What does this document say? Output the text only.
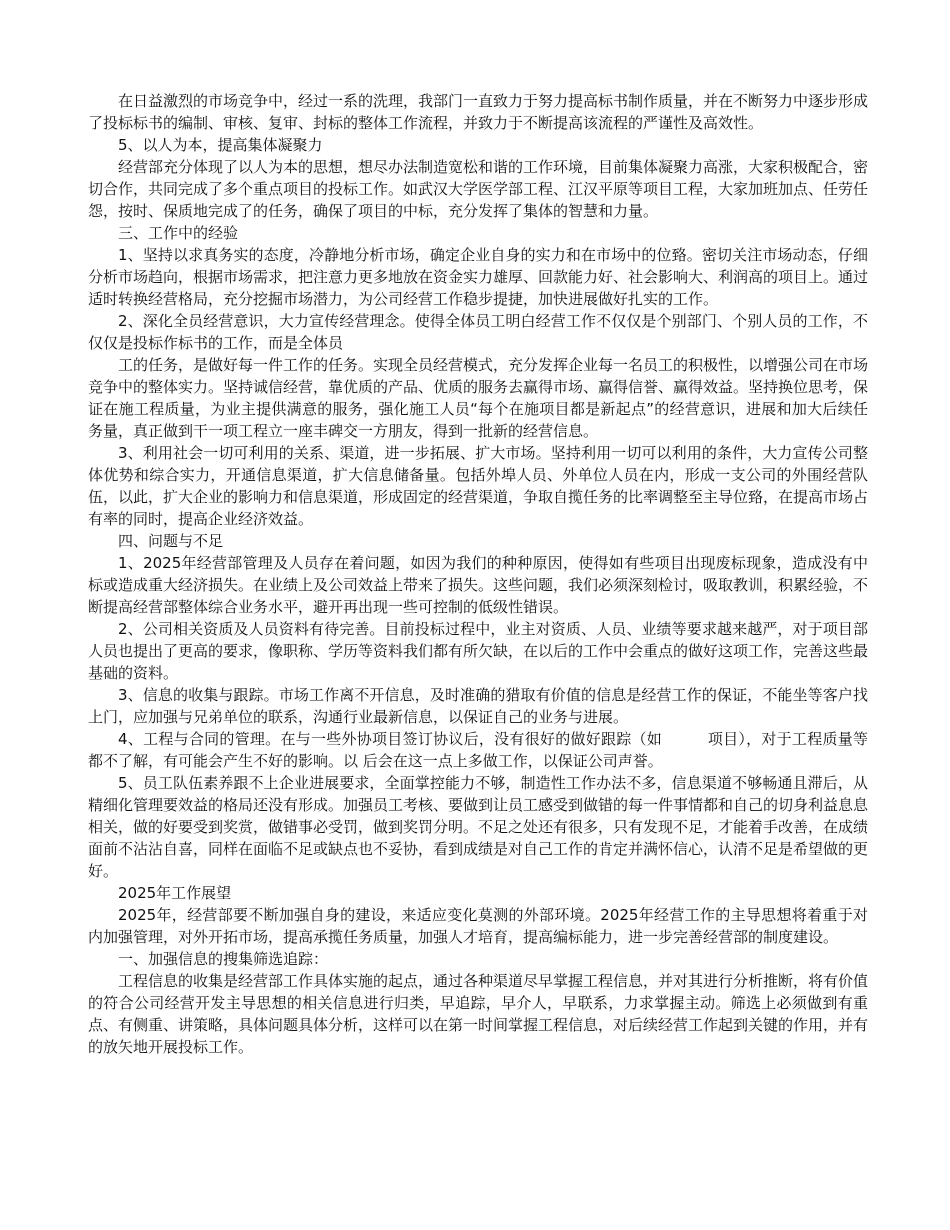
在日益激烈的市场竞争中，经过一系的洗理，我部门一直致力于努力提高标书制作质量，并在不断努力中逐步形成了投标标书的编制、审核、复审、封标的整体工作流程，并致力于不断提高该流程的严谨性及高效性。

5、以人为本，提高集体凝聚力

经营部充分体现了以人为本的思想，想尽办法制造宽松和谐的工作环境，目前集体凝聚力高涨，大家积极配合，密切合作，共同完成了多个重点项目的投标工作。如武汉大学医学部工程、江汉平原等项目工程，大家加班加点、任劳任怨，按时、保质地完成了的任务，确保了项目的中标，充分发挥了集体的智慧和力量。

三、工作中的经验

1、坚持以求真务实的态度，冷静地分析市场，确定企业自身的实力和在市场中的位臵。密切关注市场动态，仔细分析市场趋向，根据市场需求，把注意力更多地放在资金实力雄厚、回款能力好、社会影响大、利润高的项目上。通过适时转换经营格局，充分挖掘市场潜力，为公司经营工作稳步提捷，加快进展做好扎实的工作。

2、深化全员经营意识，大力宣传经营理念。使得全体员工明白经营工作不仅仅是个别部门、个别人员的工作，不仅仅是投标作标书的工作，而是全体员

工的任务，是做好每一件工作的任务。实现全员经营模式，充分发挥企业每一名员工的积极性，以增强公司在市场竞争中的整体实力。坚持诚信经营，靠优质的产品、优质的服务去赢得市场、赢得信誉、赢得效益。坚持换位思考，保证在施工程质量，为业主提供满意的服务，强化施工人员“每个在施项目都是新起点”的经营意识，进展和加大后续任务量，真正做到干一项工程立一座丰碑交一方朋友，得到一批新的经营信息。

3、利用社会一切可利用的关系、渠道，进一步拓展、扩大市场。坚持利用一切可以利用的条件，大力宣传公司整体优势和综合实力，开通信息渠道，扩大信息储备量。包括外埠人员、外单位人员在内，形成一支公司的外围经营队伍，以此，扩大企业的影响力和信息渠道，形成固定的经营渠道，争取自揽任务的比率调整至主导位臵，在提高市场占有率的同时，提高企业经济效益。

四、问题与不足

1、2025年经营部管理及人员存在着问题，如因为我们的种种原因，使得如有些项目出现废标现象，造成没有中标或造成重大经济损失。在业绩上及公司效益上带来了损失。这些问题，我们必须深刻检讨，吸取教训，积累经验，不断提高经营部整体综合业务水平，避开再出现一些可控制的低级性错误。

2、公司相关资质及人员资料有待完善。目前投标过程中，业主对资质、人员、业绩等要求越来越严，对于项目部人员也提出了更高的要求，像职称、学历等资料我们都有所欠缺，在以后的工作中会重点的做好这项工作，完善这些最基础的资料。

3、信息的收集与跟踪。市场工作离不开信息，及时准确的猎取有价值的信息是经营工作的保证，不能坐等客户找上门，应加强与兄弟单位的联系，沟通行业最新信息，以保证自己的业务与进展。

4、工程与合同的管理。在与一些外协项目签订协议后，没有很好的做好跟踪（如　　　项目），对于工程质量等都不了解，有可能会产生不好的影响。以 后会在这一点上多做工作，以保证公司声誉。

5、员工队伍素养跟不上企业进展要求，全面掌控能力不够，制造性工作办法不多，信息渠道不够畅通且滞后，从精细化管理要效益的格局还没有形成。加强员工考核、要做到让员工感受到做错的每一件事情都和自己的切身利益息息相关，做的好要受到奖赏，做错事必受罚，做到奖罚分明。不足之处还有很多，只有发现不足，才能着手改善，在成绩面前不沾沾自喜，同样在面临不足或缺点也不妥协，看到成绩是对自己工作的肯定并满怀信心，认清不足是希望做的更好。

2025年工作展望

2025年，经营部要不断加强自身的建设，来适应变化莫测的外部环境。2025年经营工作的主导思想将着重于对内加强管理，对外开拓市场，提高承揽任务质量，加强人才培育，提高编标能力，进一步完善经营部的制度建设。

一、加强信息的搜集筛选追踪：

工程信息的收集是经营部工作具体实施的起点，通过各种渠道尽早掌握工程信息，并对其进行分析推断，将有价值的符合公司经营开发主导思想的相关信息进行归类，早追踪，早介人，早联系，力求掌握主动。筛选上必须做到有重点、有侧重、讲策略，具体问题具体分析，这样可以在第一时间掌握工程信息，对后续经营工作起到关键的作用，并有的放矢地开展投标工作。
